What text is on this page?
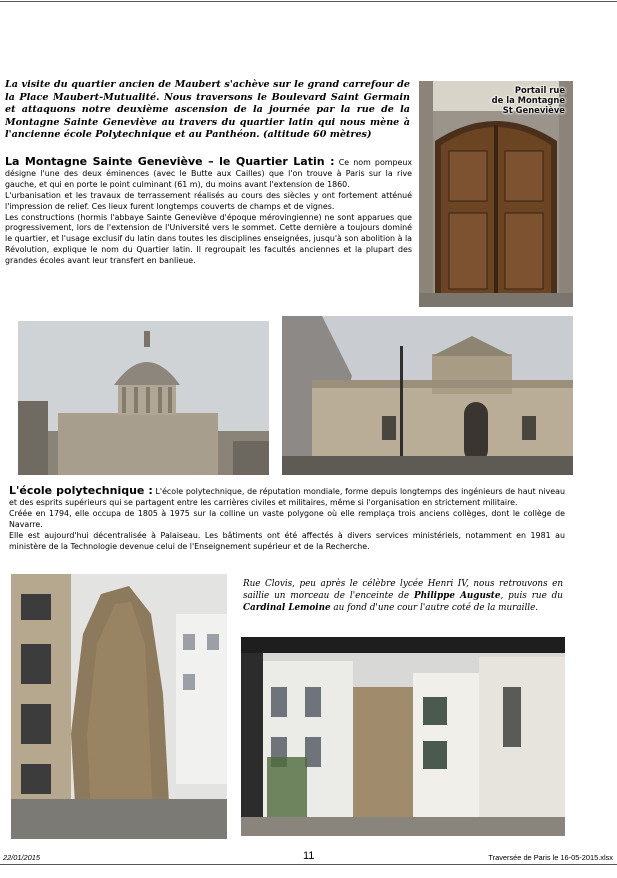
La visite du quartier ancien de Maubert s'achève sur le grand carrefour de la Place Maubert-Mutualité. Nous traversons le Boulevard Saint Germain et attaquons notre deuxième ascension de la journée par la rue de la Montagne Sainte Geneviève au travers du quartier latin qui nous mène à l'ancienne école Polytechnique et au Panthéon. (altitude 60 mètres)

La Montagne Sainte Geneviève – le Quartier Latin : Ce nom pompeux désigne l'une des deux éminences (avec le Butte aux Cailles) que l'on trouve à Paris sur la rive gauche, et qui en porte le point culminant (61 m), du moins avant l'extension de 1860.
L'urbanisation et les travaux de terrassement réalisés au cours des siècles y ont fortement atténué l'impression de relief. Ces lieux furent longtemps couverts de champs et de vignes.
Les constructions (hormis l'abbaye Sainte Geneviève d'époque mérovingienne) ne sont apparues que progressivement, lors de l'extension de l'Université vers le sommet. Cette dernière a toujours dominé le quartier, et l'usage exclusif du latin dans toutes les disciplines enseignées, jusqu'à son abolition à la Révolution, explique le nom du Quartier latin. Il regroupait les facultés anciennes et la plupart des grandes écoles avant leur transfert en banlieue.
Portail rue
de la Montagne
St Geneviève
L'école polytechnique : L'école polytechnique, de réputation mondiale, forme depuis longtemps des ingénieurs de haut niveau et des esprits supérieurs qui se partagent entre les carrières civiles et militaires, même si l'organisation en strictement militaire.
Créée en 1794, elle occupa de 1805 à 1975 sur la colline un vaste polygone où elle remplaça trois anciens collèges, dont le collège de Navarre.
Elle est aujourd'hui décentralisée à Palaiseau. Les bâtiments ont été affectés à divers services ministériels, notamment en 1981 au ministère de la Technologie devenue celui de l'Enseignement supérieur et de la Recherche.

Rue Clovis, peu après le célèbre lycée Henri IV, nous retrouvons en saillie un morceau de l'enceinte de Philippe Auguste, puis rue du Cardinal Lemoine au fond d'une cour l'autre coté de la muraille.

22/01/2015	11	Traversée de Paris le 16-05-2015.xlsx
